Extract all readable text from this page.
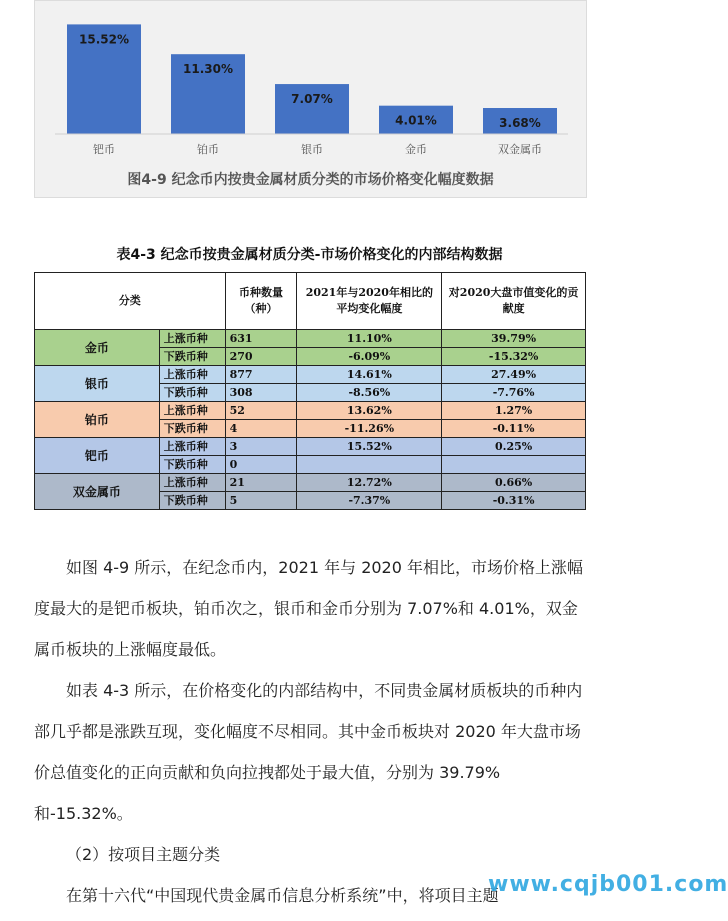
15.52%
钯币
11.30%
铂币
7.07%
银币
4.01%
金币
3.68%
双金属币
图4-9 纪念币内按贵金属材质分类的市场价格变化幅度数据
表4-3 纪念币按贵金属材质分类-市场价格变化的内部结构数据
分类		币种数量（种）	2021年与2020年相比的平均变化幅度	对2020大盘市值变化的贡献度
金币	上涨币种	631	11.10%	39.79%
	下跌币种	270	-6.09%	-15.32%
银币	上涨币种	877	14.61%	27.49%
	下跌币种	308	-8.56%	-7.76%
铂币	上涨币种	52	13.62%	1.27%
	下跌币种	4	-11.26%	-0.11%
钯币	上涨币种	3	15.52%	0.25%
	下跌币种	0		
双金属币	上涨币种	21	12.72%	0.66%
	下跌币种	5	-7.37%	-0.31%

如图 4-9 所示，在纪念币内，2021 年与 2020 年相比，市场价格上涨幅度最大的是钯币板块，铂币次之，银币和金币分别为 7.07%和 4.01%，双金属币板块的上涨幅度最低。

如表 4-3 所示，在价格变化的内部结构中，不同贵金属材质板块的币种内部几乎都是涨跌互现，变化幅度不尽相同。其中金币板块对 2020 年大盘市场价总值变化的正向贡献和负向拉拽都处于最大值，分别为 39.79%和-15.32%。

（2）按项目主题分类

在第十六代“中国现代贵金属币信息分析系统”中，将项目主题

www.cqjb001.com
